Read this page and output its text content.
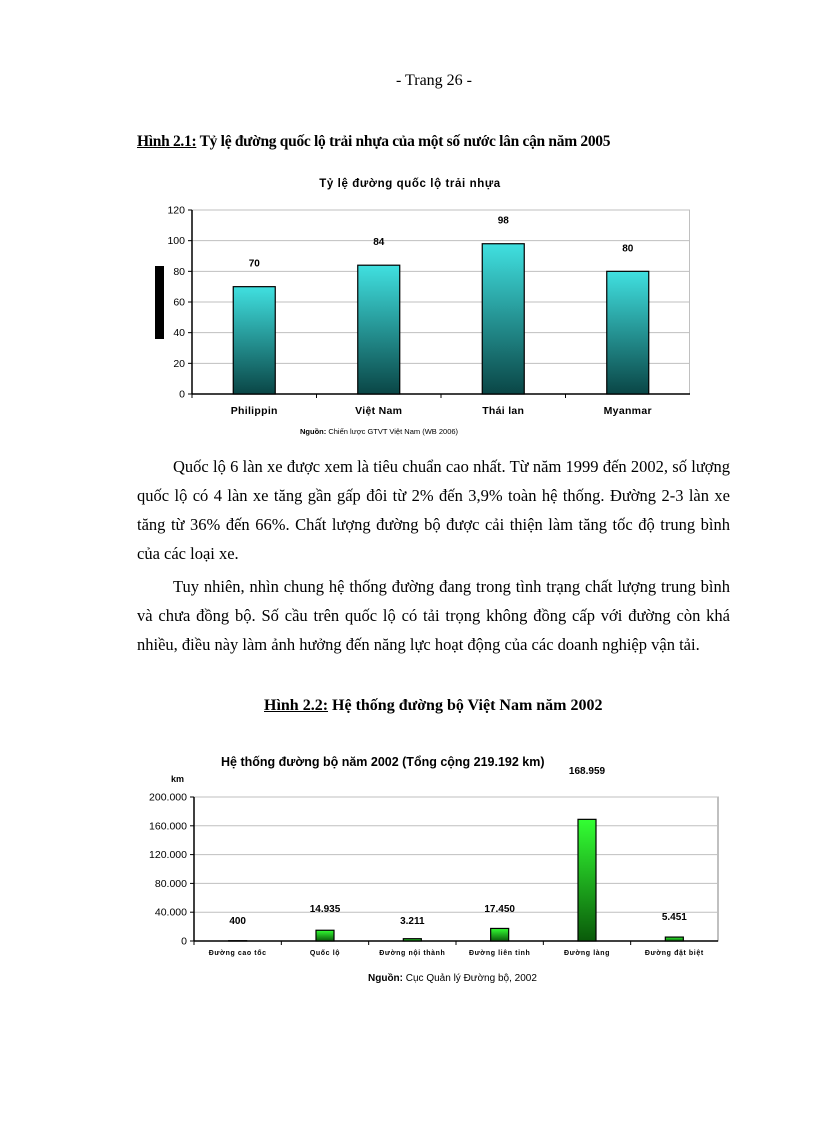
- Trang 26 -
Hình 2.1: Tỷ lệ đường quốc lộ trải nhựa của một số nước lân cận năm 2005
Tỷ lệ đường quốc lộ trải nhựa
70
84
98
80
0
20
40
60
80
100
120
Philippin	Việt Nam	Thái lan	Myanmar
Nguồn: Chiến lược GTVT Việt Nam (WB 2006)
Quốc lộ 6 làn xe được xem là tiêu chuẩn cao nhất. Từ năm 1999 đến 2002, số lượng quốc lộ có 4 làn xe tăng gần gấp đôi từ 2% đến 3,9% toàn hệ thống. Đường 2-3 làn xe tăng từ 36% đến 66%. Chất lượng đường bộ được cải thiện làm tăng tốc độ trung bình của các loại xe.
Tuy nhiên, nhìn chung hệ thống đường đang trong tình trạng chất lượng trung bình và chưa đồng bộ. Số cầu trên quốc lộ có tải trọng không đồng cấp với đường còn khá nhiều, điều này làm ảnh hưởng đến năng lực hoạt động của các doanh nghiệp vận tải.
Hình 2.2: Hệ thống đường bộ Việt Nam năm 2002
Hệ thống đường bộ năm 2002 (Tổng cộng 219.192 km)
km
400
14.935
3.211
17.450
168.959
5.451
0
40.000
80.000
120.000
160.000
200.000
Đường cao tốc	Quốc lộ	Đường nội thành	Đường liên tỉnh	Đường làng	Đường đặt biệt
Nguồn: Cục Quản lý Đường bộ, 2002
